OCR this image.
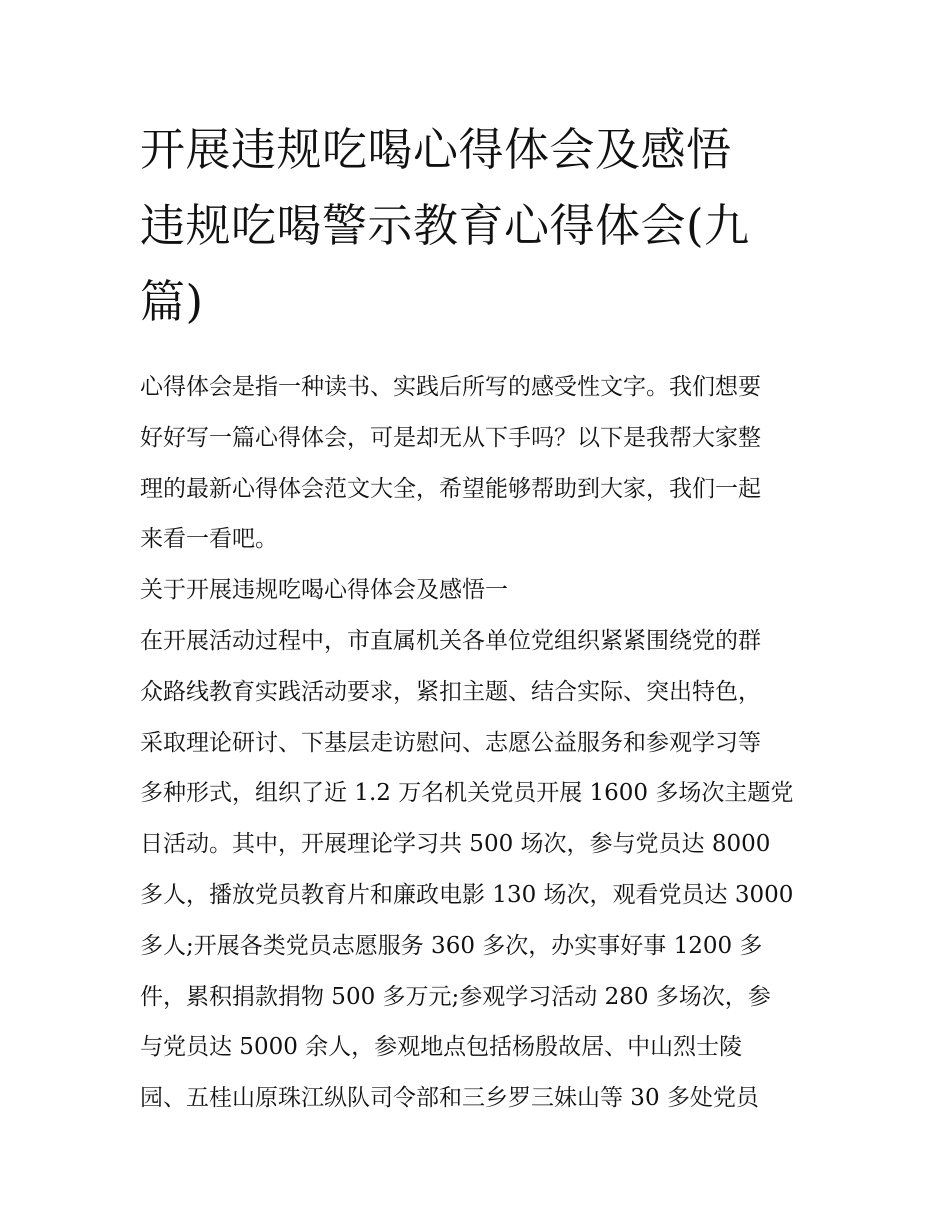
开展违规吃喝心得体会及感悟
违规吃喝警示教育心得体会(九
篇)
心得体会是指一种读书、实践后所写的感受性文字。我们想要
好好写一篇心得体会，可是却无从下手吗？以下是我帮大家整
理的最新心得体会范文大全，希望能够帮助到大家，我们一起
来看一看吧。
关于开展违规吃喝心得体会及感悟一
在开展活动过程中，市直属机关各单位党组织紧紧围绕党的群
众路线教育实践活动要求，紧扣主题、结合实际、突出特色，
采取理论研讨、下基层走访慰问、志愿公益服务和参观学习等
多种形式，组织了近 1.2 万名机关党员开展 1600 多场次主题党
日活动。其中，开展理论学习共 500 场次，参与党员达 8000
多人，播放党员教育片和廉政电影 130 场次，观看党员达 3000
多人;开展各类党员志愿服务 360 多次，办实事好事 1200 多
件，累积捐款捐物 500 多万元;参观学习活动 280 多场次，参
与党员达 5000 余人，参观地点包括杨殷故居、中山烈士陵
园、五桂山原珠江纵队司令部和三乡罗三妹山等 30 多处党员
